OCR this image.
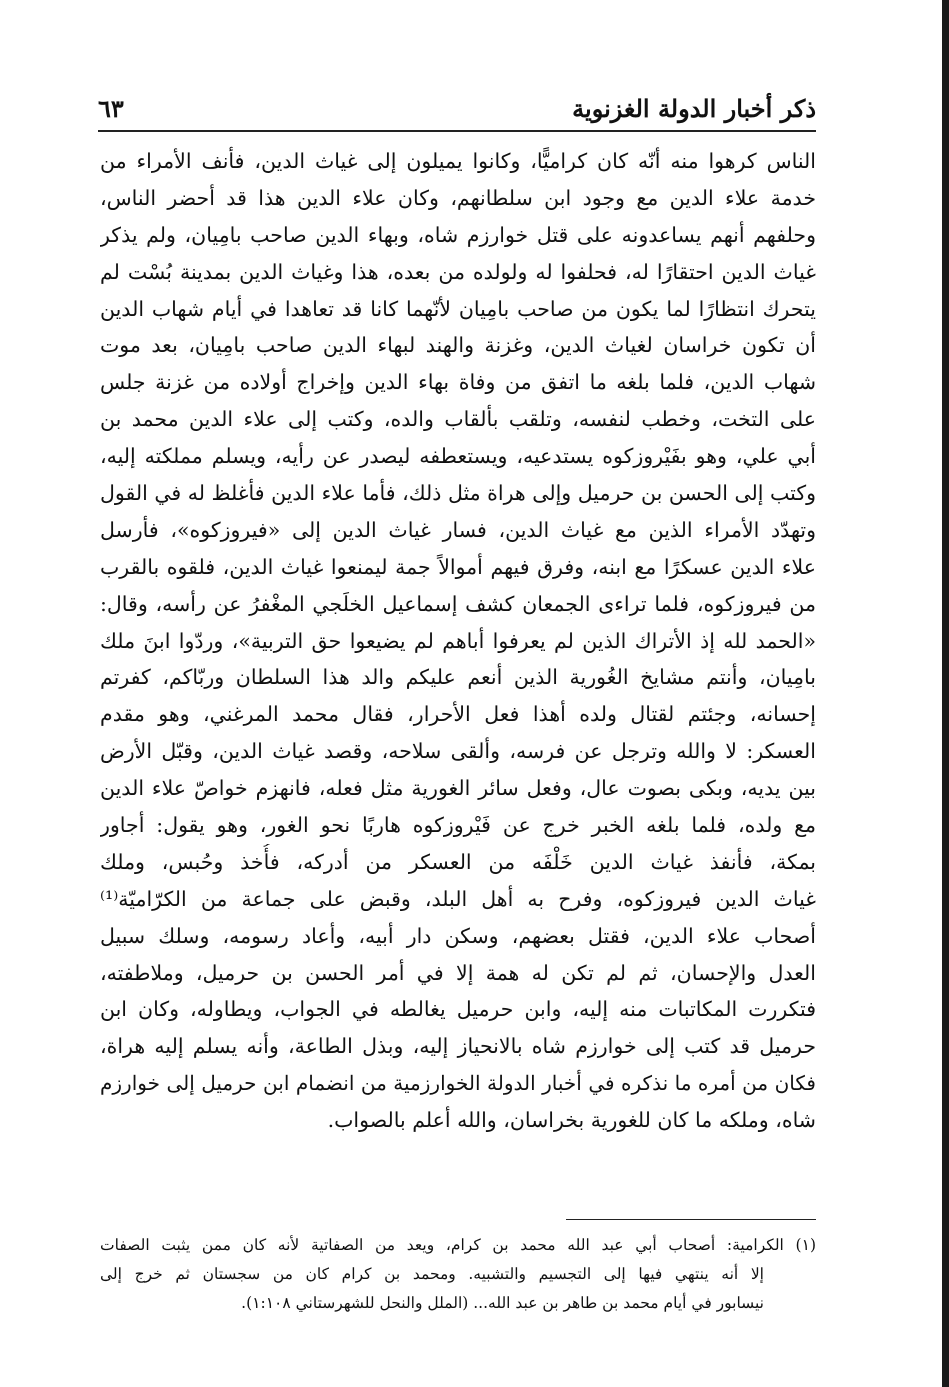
ذكر أخبار الدولة الغزنوية
٦٣
الناس كرهوا منه أنّه كان كراميًّا، وكانوا يميلون إلى غياث الدين، فأنف الأمراء من
خدمة علاء الدين مع وجود ابن سلطانهم، وكان علاء الدين هذا قد أحضر الناس،
وحلفهم أنهم يساعدونه على قتل خوارزم شاه، وبهاء الدين صاحب بامِيان، ولم يذكر
غياث الدين احتقارًا له، فحلفوا له ولولده من بعده، هذا وغياث الدين بمدينة بُسْت لم
يتحرك انتظارًا لما يكون من صاحب بامِيان لأنّهما كانا قد تعاهدا في أيام شهاب الدين
أن تكون خراسان لغياث الدين، وغزنة والهند لبهاء الدين صاحب بامِيان، بعد موت
شهاب الدين، فلما بلغه ما اتفق من وفاة بهاء الدين وإخراج أولاده من غزنة جلس
على التخت، وخطب لنفسه، وتلقب بألقاب والده، وكتب إلى علاء الدين محمد بن
أبي علي، وهو بفَيْروزكوه يستدعيه، ويستعطفه ليصدر عن رأيه، ويسلم مملكته إليه،
وكتب إلى الحسن بن حرميل وإلى هراة مثل ذلك، فأما علاء الدين فأغلظ له في القول
وتهدّد الأمراء الذين مع غياث الدين، فسار غياث الدين إلى «فيروزكوه»، فأرسل
علاء الدين عسكرًا مع ابنه، وفرق فيهم أموالاً جمة ليمنعوا غياث الدين، فلقوه بالقرب
من فيروزكوه، فلما تراءى الجمعان كشف إسماعيل الخلَجي المغْفرُ عن رأسه، وقال:
«الحمد لله إذ الأتراك الذين لم يعرفوا أباهم لم يضيعوا حق التربية»، وردّوا ابنَ ملك
بامِيان، وأنتم مشايخ الغُورية الذين أنعم عليكم والد هذا السلطان وربّاكم، كفرتم
إحسانه، وجئتم لقتال ولده أهذا فعل الأحرار، فقال محمد المرغني، وهو مقدم
العسكر: لا والله وترجل عن فرسه، وألقى سلاحه، وقصد غياث الدين، وقبّل الأرض
بين يديه، وبكى بصوت عال، وفعل سائر الغورية مثل فعله، فانهزم خواصّ علاء الدين
مع ولده، فلما بلغه الخبر خرج عن فَيْروزكوه هاربًا نحو الغور، وهو يقول: أجاور
بمكة، فأنفذ غياث الدين خَلْفَه من العسكر من أدركه، فأُخذ وحُبس، وملك
غياث الدين فيروزكوه، وفرح به أهل البلد، وقبض على جماعة من الكرّاميّة⁽¹⁾
أصحاب علاء الدين، فقتل بعضهم، وسكن دار أبيه، وأعاد رسومه، وسلك سبيل
العدل والإحسان، ثم لم تكن له همة إلا في أمر الحسن بن حرميل، وملاطفته،
فتكررت المكاتبات منه إليه، وابن حرميل يغالطه في الجواب، ويطاوله، وكان ابن
حرميل قد كتب إلى خوارزم شاه بالانحياز إليه، وبذل الطاعة، وأنه يسلم إليه هراة،
فكان من أمره ما نذكره في أخبار الدولة الخوارزمية من انضمام ابن حرميل إلى خوارزم
شاه، وملكه ما كان للغورية بخراسان، والله أعلم بالصواب.
(١) الكرامية: أصحاب أبي عبد الله محمد بن كرام، ويعد من الصفاتية لأنه كان ممن يثبت الصفات
إلا أنه ينتهي فيها إلى التجسيم والتشبيه. ومحمد بن كرام كان من سجستان ثم خرج إلى
نيسابور في أيام محمد بن طاهر بن عبد الله... (الملل والنحل للشهرستاني ١:١٠٨).
